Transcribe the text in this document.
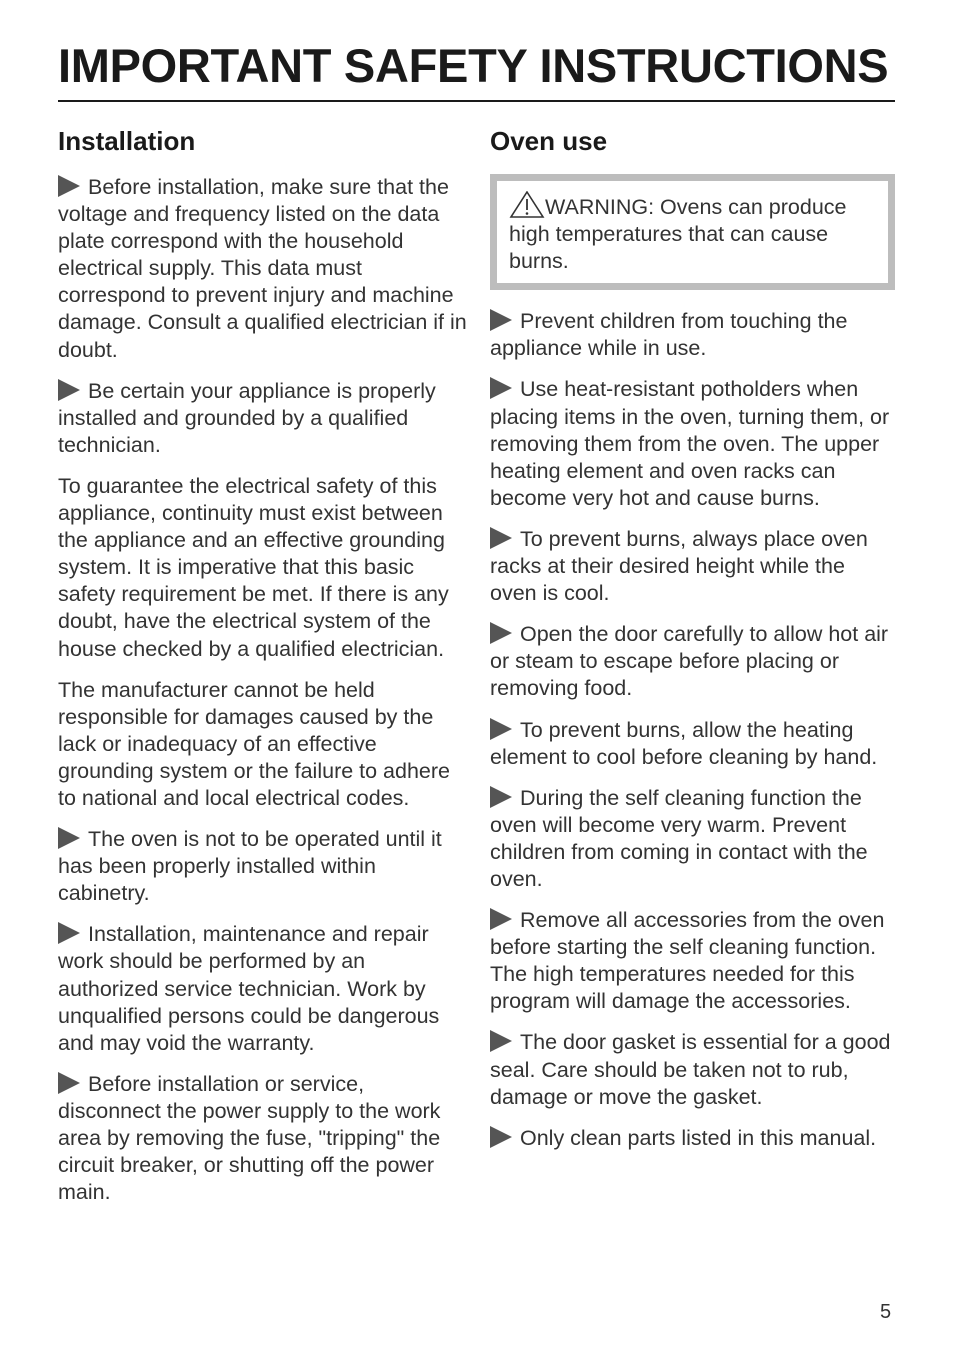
IMPORTANT SAFETY INSTRUCTIONS
Installation

Before installation, make sure that the voltage and frequency listed on the data plate correspond with the household electrical supply. This data must correspond to prevent injury and machine damage. Consult a qualified electrician if in doubt.

Be certain your appliance is properly installed and grounded by a qualified technician.

To guarantee the electrical safety of this appliance, continuity must exist between the appliance and an effective grounding system. It is imperative that this basic safety requirement be met. If there is any doubt, have the electrical system of the house checked by a qualified electrician.

The manufacturer cannot be held responsible for damages caused by the lack or inadequacy of an effective grounding system or the failure to adhere to national and local electrical codes.

The oven is not to be operated until it has been properly installed within cabinetry.

Installation, maintenance and repair work should be performed by an authorized service technician. Work by unqualified persons could be dangerous and may void the warranty.

Before installation or service, disconnect the power supply to the work area by removing the fuse, "tripping" the circuit breaker, or shutting off the power main.

Oven use

WARNING: Ovens can produce high temperatures that can cause burns.

Prevent children from touching the appliance while in use.

Use heat-resistant potholders when placing items in the oven, turning them, or removing them from the oven. The upper heating element and oven racks can become very hot and cause burns.

To prevent burns, always place oven racks at their desired height while the oven is cool.

Open the door carefully to allow hot air or steam to escape before placing or removing food.

To prevent burns, allow the heating element to cool before cleaning by hand.

During the self cleaning function the oven will become very warm. Prevent children from coming in contact with the oven.

Remove all accessories from the oven before starting the self cleaning function. The high temperatures needed for this program will damage the accessories.

The door gasket is essential for a good seal. Care should be taken not to rub, damage or move the gasket.

Only clean parts listed in this manual.

5
